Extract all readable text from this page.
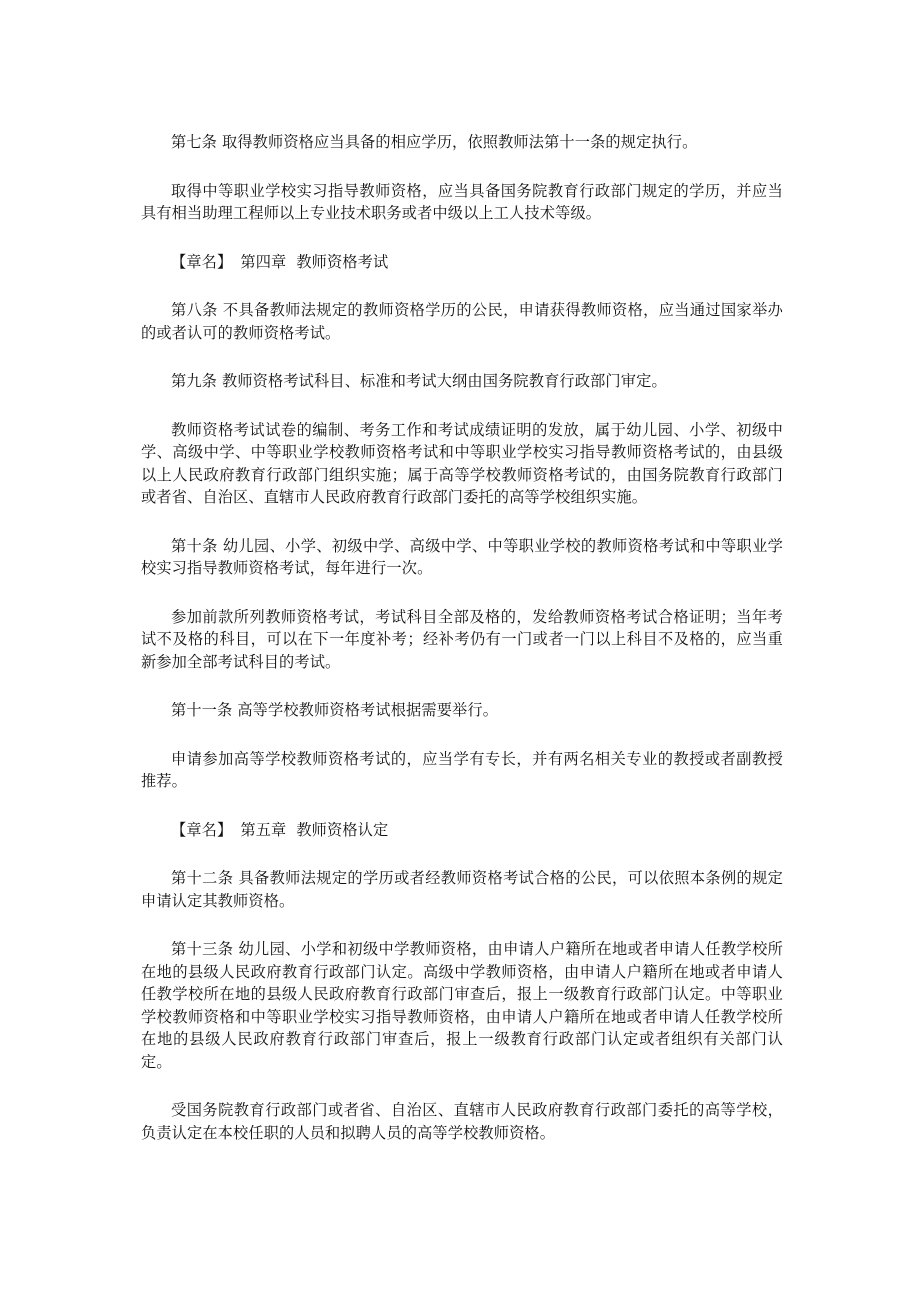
第七条 取得教师资格应当具备的相应学历，依照教师法第十一条的规定执行。

取得中等职业学校实习指导教师资格，应当具备国务院教育行政部门规定的学历，并应当具有相当助理工程师以上专业技术职务或者中级以上工人技术等级。

【章名】 第四章  教师资格考试

第八条 不具备教师法规定的教师资格学历的公民，申请获得教师资格，应当通过国家举办的或者认可的教师资格考试。

第九条 教师资格考试科目、标准和考试大纲由国务院教育行政部门审定。

教师资格考试试卷的编制、考务工作和考试成绩证明的发放，属于幼儿园、小学、初级中学、高级中学、中等职业学校教师资格考试和中等职业学校实习指导教师资格考试的，由县级以上人民政府教育行政部门组织实施；属于高等学校教师资格考试的，由国务院教育行政部门或者省、自治区、直辖市人民政府教育行政部门委托的高等学校组织实施。

第十条 幼儿园、小学、初级中学、高级中学、中等职业学校的教师资格考试和中等职业学校实习指导教师资格考试，每年进行一次。

参加前款所列教师资格考试，考试科目全部及格的，发给教师资格考试合格证明；当年考试不及格的科目，可以在下一年度补考；经补考仍有一门或者一门以上科目不及格的，应当重新参加全部考试科目的考试。

第十一条 高等学校教师资格考试根据需要举行。

申请参加高等学校教师资格考试的，应当学有专长，并有两名相关专业的教授或者副教授推荐。

【章名】 第五章  教师资格认定

第十二条 具备教师法规定的学历或者经教师资格考试合格的公民，可以依照本条例的规定申请认定其教师资格。

第十三条 幼儿园、小学和初级中学教师资格，由申请人户籍所在地或者申请人任教学校所在地的县级人民政府教育行政部门认定。高级中学教师资格，由申请人户籍所在地或者申请人任教学校所在地的县级人民政府教育行政部门审查后，报上一级教育行政部门认定。中等职业学校教师资格和中等职业学校实习指导教师资格，由申请人户籍所在地或者申请人任教学校所在地的县级人民政府教育行政部门审查后，报上一级教育行政部门认定或者组织有关部门认定。

受国务院教育行政部门或者省、自治区、直辖市人民政府教育行政部门委托的高等学校，负责认定在本校任职的人员和拟聘人员的高等学校教师资格。
